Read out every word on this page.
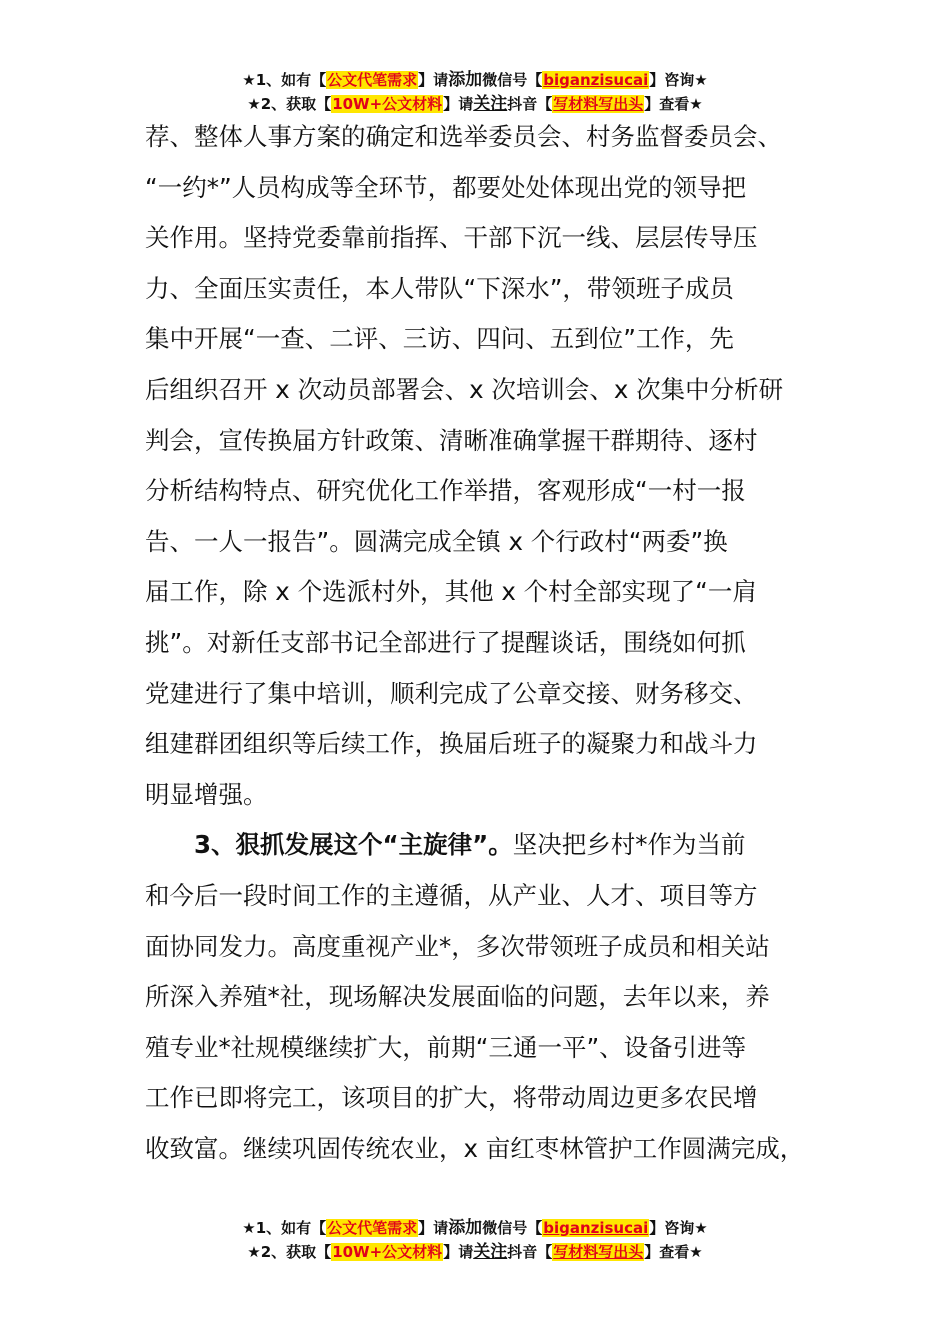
★1、如有【公文代笔需求】请添加微信号【biganzisucai】咨询★
★2、获取【10W+公文材料】请关注抖音【写材料写出头】查看★
荐、整体人事方案的确定和选举委员会、村务监督委员会、
“一约*”人员构成等全环节，都要处处体现出党的领导把
关作用。坚持党委靠前指挥、干部下沉一线、层层传导压
力、全面压实责任，本人带队“下深水”，带领班子成员
集中开展“一查、二评、三访、四问、五到位”工作，先
后组织召开 x 次动员部署会、x 次培训会、x 次集中分析研
判会，宣传换届方针政策、清晰准确掌握干群期待、逐村
分析结构特点、研究优化工作举措，客观形成“一村一报
告、一人一报告”。圆满完成全镇 x 个行政村“两委”换
届工作，除 x 个选派村外，其他 x 个村全部实现了“一肩
挑”。对新任支部书记全部进行了提醒谈话，围绕如何抓
党建进行了集中培训，顺利完成了公章交接、财务移交、
组建群团组织等后续工作，换届后班子的凝聚力和战斗力
明显增强。
3、狠抓发展这个“主旋律”。坚决把乡村*作为当前
和今后一段时间工作的主遵循，从产业、人才、项目等方
面协同发力。高度重视产业*，多次带领班子成员和相关站
所深入养殖*社，现场解决发展面临的问题，去年以来，养
殖专业*社规模继续扩大，前期“三通一平”、设备引进等
工作已即将完工，该项目的扩大，将带动周边更多农民增
收致富。继续巩固传统农业，x 亩红枣林管护工作圆满完成，
★1、如有【公文代笔需求】请添加微信号【biganzisucai】咨询★
★2、获取【10W+公文材料】请关注抖音【写材料写出头】查看★
